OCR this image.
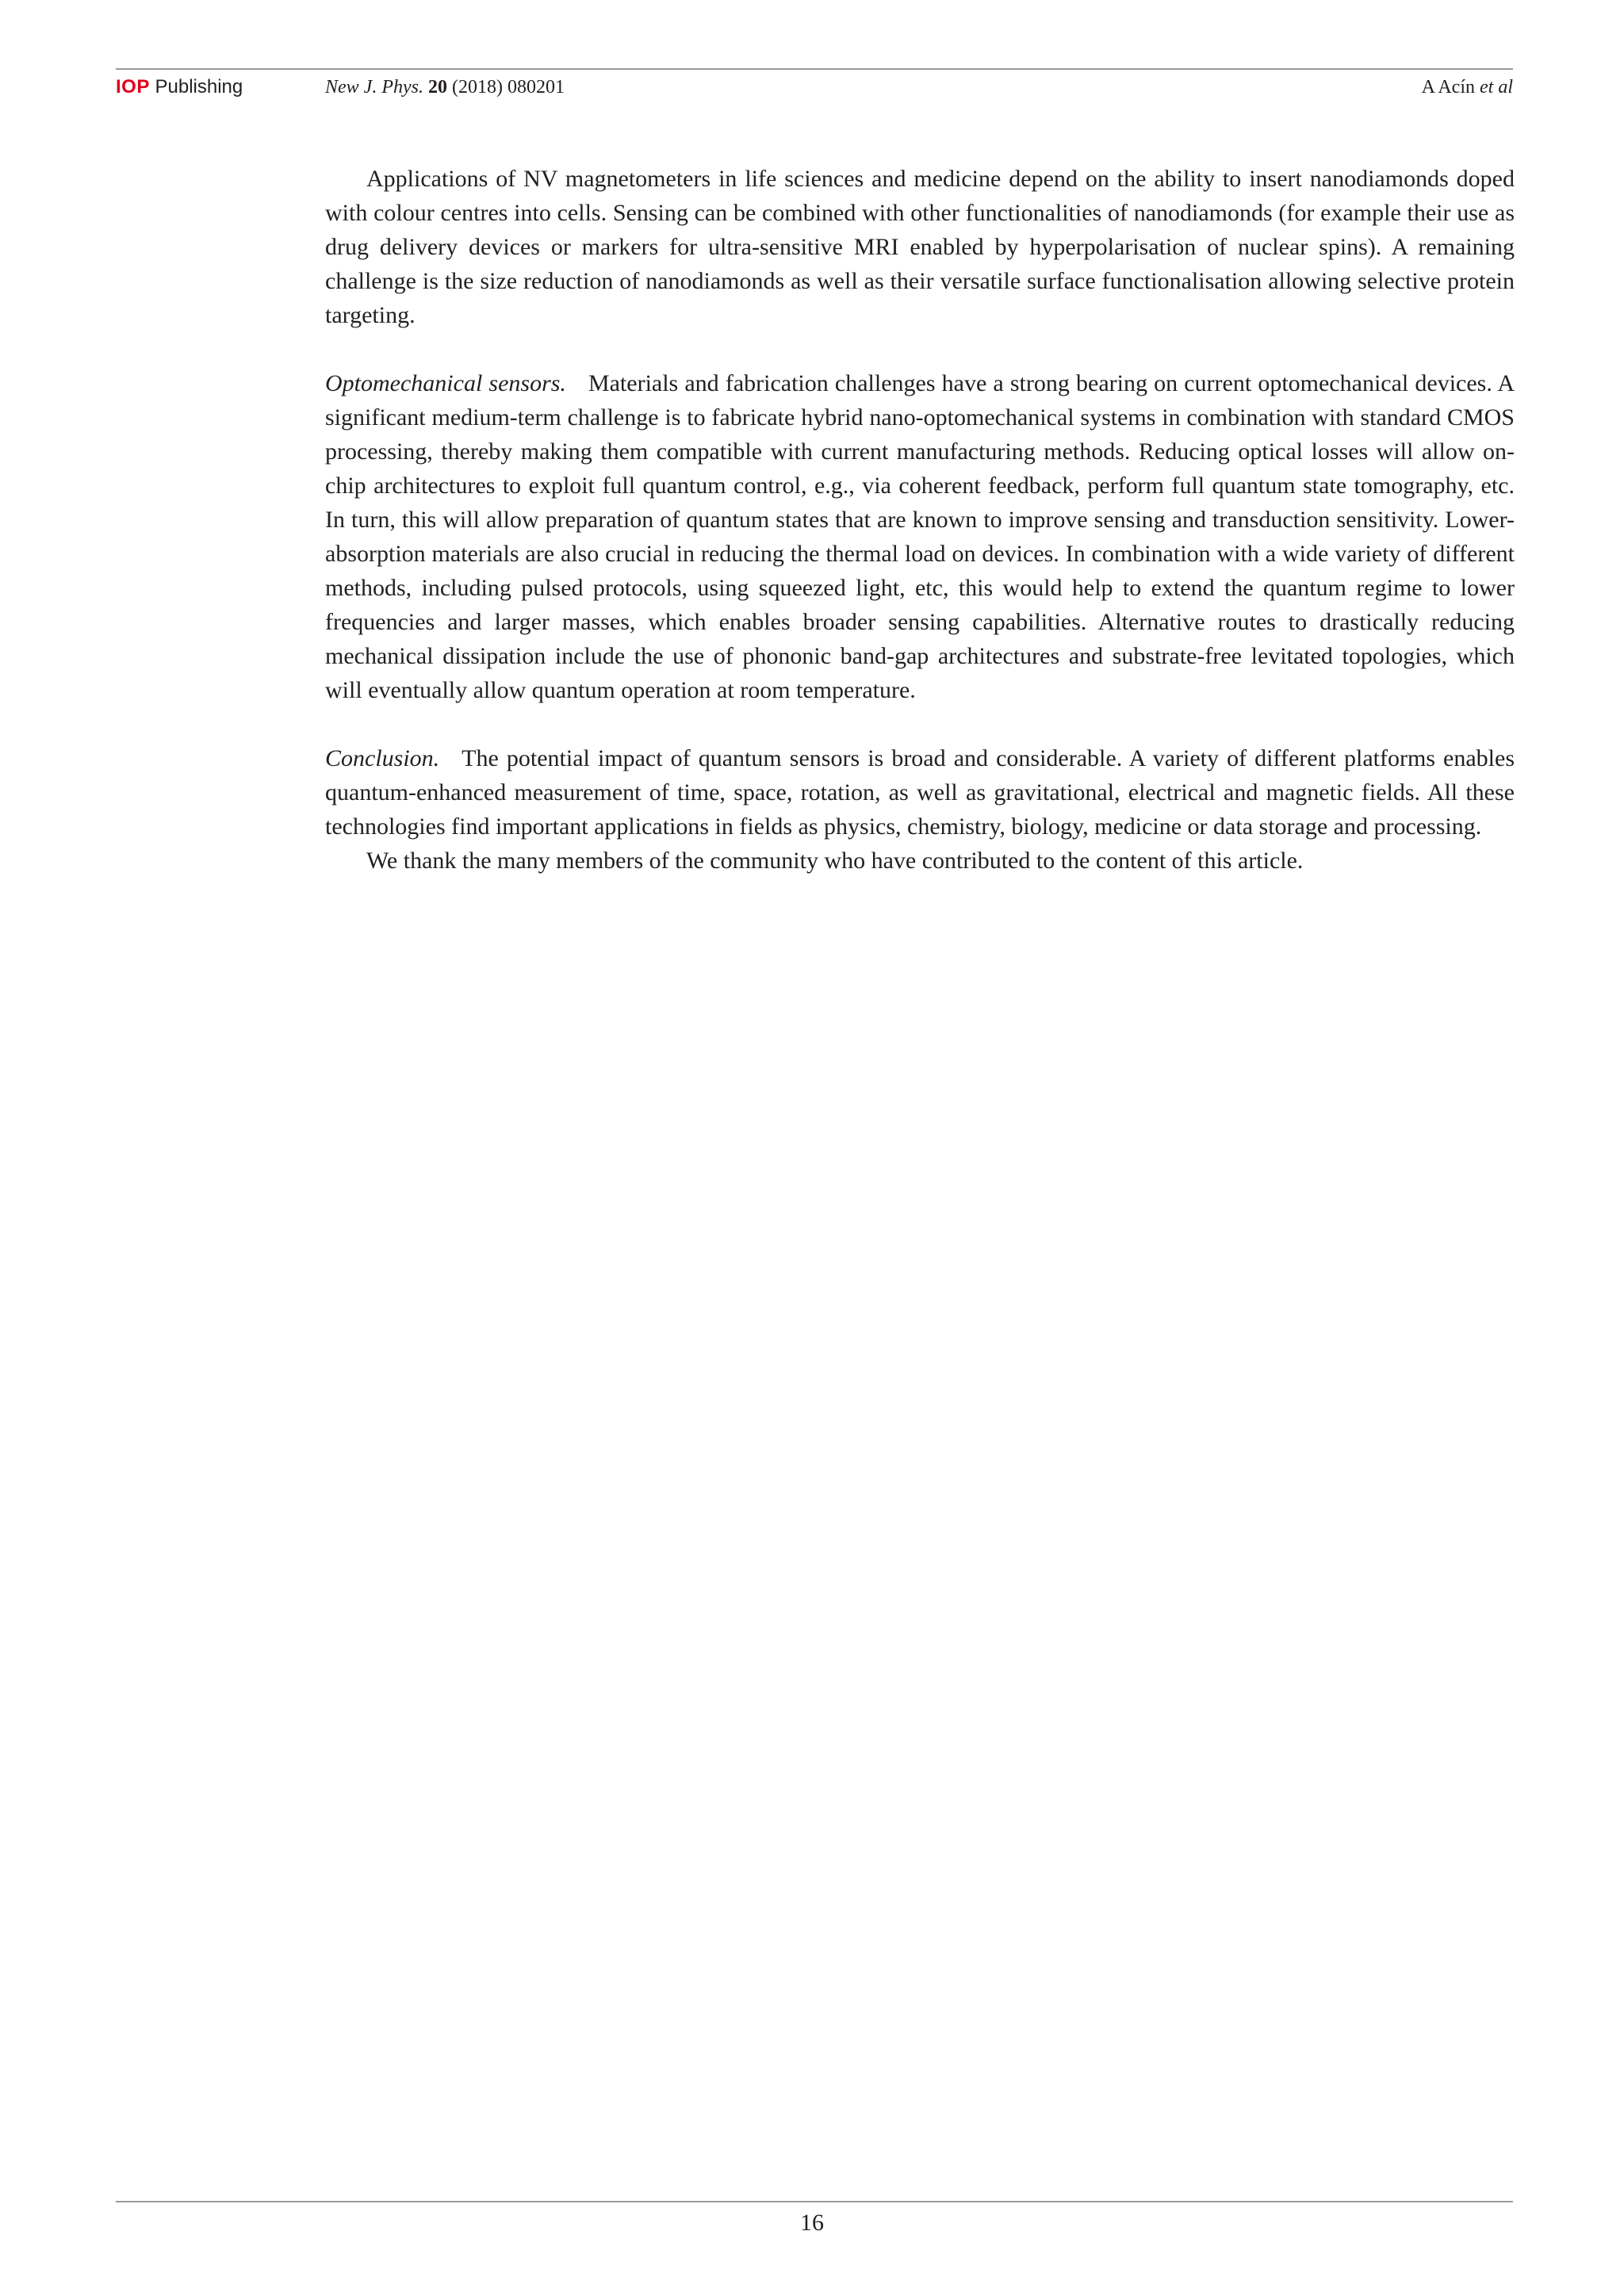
IOP Publishing	New J. Phys. 20 (2018) 080201	A Acín et al

Applications of NV magnetometers in life sciences and medicine depend on the ability to insert nanodiamonds doped with colour centres into cells. Sensing can be combined with other functionalities of nanodiamonds (for example their use as drug delivery devices or markers for ultra-sensitive MRI enabled by hyperpolarisation of nuclear spins). A remaining challenge is the size reduction of nanodiamonds as well as their versatile surface functionalisation allowing selective protein targeting.

Optomechanical sensors. Materials and fabrication challenges have a strong bearing on current optomechanical devices. A significant medium-term challenge is to fabricate hybrid nano-optomechanical systems in combination with standard CMOS processing, thereby making them compatible with current manufacturing methods. Reducing optical losses will allow on-chip architectures to exploit full quantum control, e.g., via coherent feedback, perform full quantum state tomography, etc. In turn, this will allow preparation of quantum states that are known to improve sensing and transduction sensitivity. Lower-absorption materials are also crucial in reducing the thermal load on devices. In combination with a wide variety of different methods, including pulsed protocols, using squeezed light, etc, this would help to extend the quantum regime to lower frequencies and larger masses, which enables broader sensing capabilities. Alternative routes to drastically reducing mechanical dissipation include the use of phononic band-gap architectures and substrate-free levitated topologies, which will eventually allow quantum operation at room temperature.

Conclusion. The potential impact of quantum sensors is broad and considerable. A variety of different platforms enables quantum-enhanced measurement of time, space, rotation, as well as gravitational, electrical and magnetic fields. All these technologies find important applications in fields as physics, chemistry, biology, medicine or data storage and processing.

We thank the many members of the community who have contributed to the content of this article.

16
